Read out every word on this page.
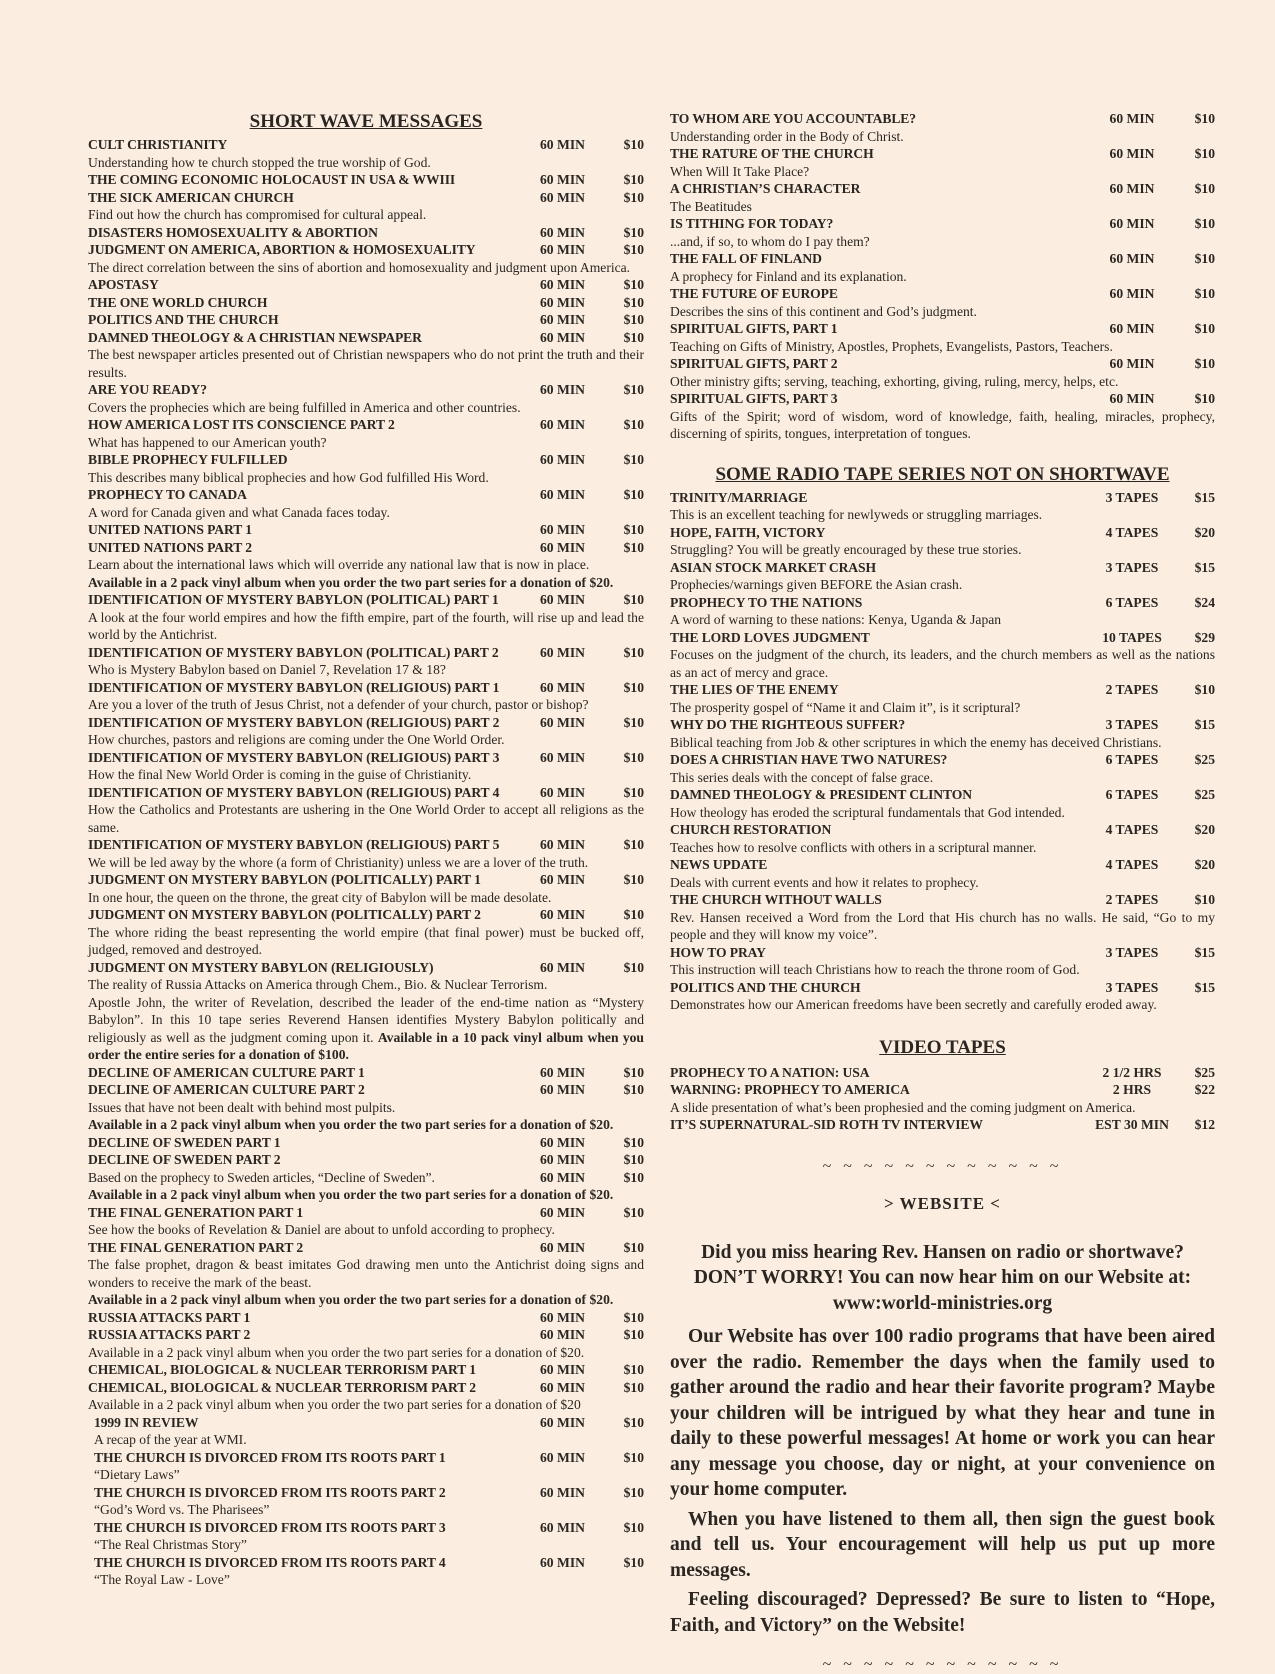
SHORT WAVE MESSAGES
CULT CHRISTIANITY	60 MIN	$10
Understanding how te church stopped the true worship of God.
THE COMING ECONOMIC HOLOCAUST IN USA & WWIII	60 MIN	$10
THE SICK AMERICAN CHURCH	60 MIN	$10
Find out how the church has compromised for cultural appeal.
DISASTERS HOMOSEXUALITY & ABORTION	60 MIN	$10
JUDGMENT ON AMERICA, ABORTION & HOMOSEXUALITY	60 MIN	$10
The direct correlation between the sins of abortion and homosexuality and judgment upon America.
APOSTASY	60 MIN	$10
THE ONE WORLD CHURCH	60 MIN	$10
POLITICS AND THE CHURCH	60 MIN	$10
DAMNED THEOLOGY & A CHRISTIAN NEWSPAPER	60 MIN	$10
The best newspaper articles presented out of Christian newspapers who do not print the truth and their results.
ARE YOU READY?	60 MIN	$10
Covers the prophecies which are being fulfilled in America and other countries.
HOW AMERICA LOST ITS CONSCIENCE PART 2	60 MIN	$10
What has happened to our American youth?
BIBLE PROPHECY FULFILLED	60 MIN	$10
This describes many biblical prophecies and how God fulfilled His Word.
PROPHECY TO CANADA	60 MIN	$10
A word for Canada given and what Canada faces today.
UNITED NATIONS PART 1	60 MIN	$10
UNITED NATIONS PART 2	60 MIN	$10
Learn about the international laws which will override any national law that is now in place.
Available in a 2 pack vinyl album when you order the two part series for a donation of $20.
IDENTIFICATION OF MYSTERY BABYLON (POLITICAL) PART 1	60 MIN	$10
A look at the four world empires and how the fifth empire, part of the fourth, will rise up and lead the world by the Antichrist.
IDENTIFICATION OF MYSTERY BABYLON (POLITICAL) PART 2	60 MIN	$10
Who is Mystery Babylon based on Daniel 7, Revelation 17 & 18?
IDENTIFICATION OF MYSTERY BABYLON (RELIGIOUS) PART 1	60 MIN	$10
Are you a lover of the truth of Jesus Christ, not a defender of your church, pastor or bishop?
IDENTIFICATION OF MYSTERY BABYLON (RELIGIOUS) PART 2	60 MIN	$10
How churches, pastors and religions are coming under the One World Order.
IDENTIFICATION OF MYSTERY BABYLON (RELIGIOUS) PART 3	60 MIN	$10
How the final New World Order is coming in the guise of Christianity.
IDENTIFICATION OF MYSTERY BABYLON (RELIGIOUS) PART 4	60 MIN	$10
How the Catholics and Protestants are ushering in the One World Order to accept all religions as the same.
IDENTIFICATION OF MYSTERY BABYLON (RELIGIOUS) PART 5	60 MIN	$10
We will be led away by the whore (a form of Christianity) unless we are a lover of the truth.
JUDGMENT ON MYSTERY BABYLON (POLITICALLY) PART 1	60 MIN	$10
In one hour, the queen on the throne, the great city of Babylon will be made desolate.
JUDGMENT ON MYSTERY BABYLON (POLITICALLY) PART 2	60 MIN	$10
The whore riding the beast representing the world empire (that final power) must be bucked off, judged, removed and destroyed.
JUDGMENT ON MYSTERY BABYLON (RELIGIOUSLY)	60 MIN	$10
The reality of Russia Attacks on America through Chem., Bio. & Nuclear Terrorism.
Apostle John, the writer of Revelation, described the leader of the end-time nation as “Mystery Babylon”. In this 10 tape series Reverend Hansen identifies Mystery Babylon politically and religiously as well as the judgment coming upon it. Available in a 10 pack vinyl album when you order the entire series for a donation of $100.
DECLINE OF AMERICAN CULTURE PART 1	60 MIN	$10
DECLINE OF AMERICAN CULTURE PART 2	60 MIN	$10
Issues that have not been dealt with behind most pulpits.
Available in a 2 pack vinyl album when you order the two part series for a donation of $20.
DECLINE OF SWEDEN PART 1	60 MIN	$10
DECLINE OF SWEDEN PART 2	60 MIN	$10
Based on the prophecy to Sweden articles, “Decline of Sweden”.	60 MIN	$10
Available in a 2 pack vinyl album when you order the two part series for a donation of $20.
THE FINAL GENERATION PART 1	60 MIN	$10
See how the books of Revelation & Daniel are about to unfold according to prophecy.
THE FINAL GENERATION PART 2	60 MIN	$10
The false prophet, dragon & beast imitates God drawing men unto the Antichrist doing signs and wonders to receive the mark of the beast.
Available in a 2 pack vinyl album when you order the two part series for a donation of $20.
RUSSIA ATTACKS PART 1	60 MIN	$10
RUSSIA ATTACKS PART 2	60 MIN	$10
Available in a 2 pack vinyl album when you order the two part series for a donation of $20.
CHEMICAL, BIOLOGICAL & NUCLEAR TERRORISM PART 1	60 MIN	$10
CHEMICAL, BIOLOGICAL & NUCLEAR TERRORISM PART 2	60 MIN	$10
Available in a 2 pack vinyl album when you order the two part series for a donation of $20
1999 IN REVIEW	60 MIN	$10
A recap of the year at WMI.
THE CHURCH IS DIVORCED FROM ITS ROOTS PART 1	60 MIN	$10
“Dietary Laws”
THE CHURCH IS DIVORCED FROM ITS ROOTS PART 2	60 MIN	$10
“God’s Word vs. The Pharisees”
THE CHURCH IS DIVORCED FROM ITS ROOTS PART 3	60 MIN	$10
“The Real Christmas Story”
THE CHURCH IS DIVORCED FROM ITS ROOTS PART 4	60 MIN	$10
“The Royal Law - Love”
TO WHOM ARE YOU ACCOUNTABLE?	60 MIN	$10
Understanding order in the Body of Christ.
THE RATURE OF THE CHURCH	60 MIN	$10
When Will It Take Place?
A CHRISTIAN’S CHARACTER	60 MIN	$10
The Beatitudes
IS TITHING FOR TODAY?	60 MIN	$10
...and, if so, to whom do I pay them?
THE FALL OF FINLAND	60 MIN	$10
A prophecy for Finland and its explanation.
THE FUTURE OF EUROPE	60 MIN	$10
Describes the sins of this continent and God’s judgment.
SPIRITUAL GIFTS, PART 1	60 MIN	$10
Teaching on Gifts of Ministry, Apostles, Prophets, Evangelists, Pastors, Teachers.
SPIRITUAL GIFTS, PART 2	60 MIN	$10
Other ministry gifts; serving, teaching, exhorting, giving, ruling, mercy, helps, etc.
SPIRITUAL GIFTS, PART 3	60 MIN	$10
Gifts of the Spirit; word of wisdom, word of knowledge, faith, healing, miracles, prophecy, discerning of spirits, tongues, interpretation of tongues.
SOME RADIO TAPE SERIES NOT ON SHORTWAVE
TRINITY/MARRIAGE	3 TAPES	$15
This is an excellent teaching for newlyweds or struggling marriages.
HOPE, FAITH, VICTORY	4 TAPES	$20
Struggling? You will be greatly encouraged by these true stories.
ASIAN STOCK MARKET CRASH	3 TAPES	$15
Prophecies/warnings given BEFORE the Asian crash.
PROPHECY TO THE NATIONS	6 TAPES	$24
A word of warning to these nations: Kenya, Uganda & Japan
THE LORD LOVES JUDGMENT	10 TAPES	$29
Focuses on the judgment of the church, its leaders, and the church members as well as the nations as an act of mercy and grace.
THE LIES OF THE ENEMY	2 TAPES	$10
The prosperity gospel of “Name it and Claim it”, is it scriptural?
WHY DO THE RIGHTEOUS SUFFER?	3 TAPES	$15
Biblical teaching from Job & other scriptures in which the enemy has deceived Christians.
DOES A CHRISTIAN HAVE TWO NATURES?	6 TAPES	$25
This series deals with the concept of false grace.
DAMNED THEOLOGY & PRESIDENT CLINTON	6 TAPES	$25
How theology has eroded the scriptural fundamentals that God intended.
CHURCH RESTORATION	4 TAPES	$20
Teaches how to resolve conflicts with others in a scriptural manner.
NEWS UPDATE	4 TAPES	$20
Deals with current events and how it relates to prophecy.
THE CHURCH WITHOUT WALLS	2 TAPES	$10
Rev. Hansen received a Word from the Lord that His church has no walls. He said, “Go to my people and they will know my voice”.
HOW TO PRAY	3 TAPES	$15
This instruction will teach Christians how to reach the throne room of God.
POLITICS AND THE CHURCH	3 TAPES	$15
Demonstrates how our American freedoms have been secretly and carefully eroded away.
VIDEO TAPES
PROPHECY TO A NATION: USA	2 1/2 HRS	$25
WARNING: PROPHECY TO AMERICA	2 HRS	$22
A slide presentation of what’s been prophesied and the coming judgment on America.
IT’S SUPERNATURAL-SID ROTH TV INTERVIEW	EST 30 MIN	$12
~ ~ ~ ~ ~ ~ ~ ~ ~ ~ ~ ~
> WEBSITE <
Did you miss hearing Rev. Hansen on radio or shortwave? DON’T WORRY! You can now hear him on our Website at:
www:world-ministries.org
Our Website has over 100 radio programs that have been aired over the radio. Remember the days when the family used to gather around the radio and hear their favorite program? Maybe your children will be intrigued by what they hear and tune in daily to these powerful messages! At home or work you can hear any message you choose, day or night, at your convenience on your home computer.
When you have listened to them all, then sign the guest book and tell us. Your encouragement will help us put up more messages.
Feeling discouraged? Depressed? Be sure to listen to “Hope, Faith, and Victory” on the Website!
~ ~ ~ ~ ~ ~ ~ ~ ~ ~ ~ ~
